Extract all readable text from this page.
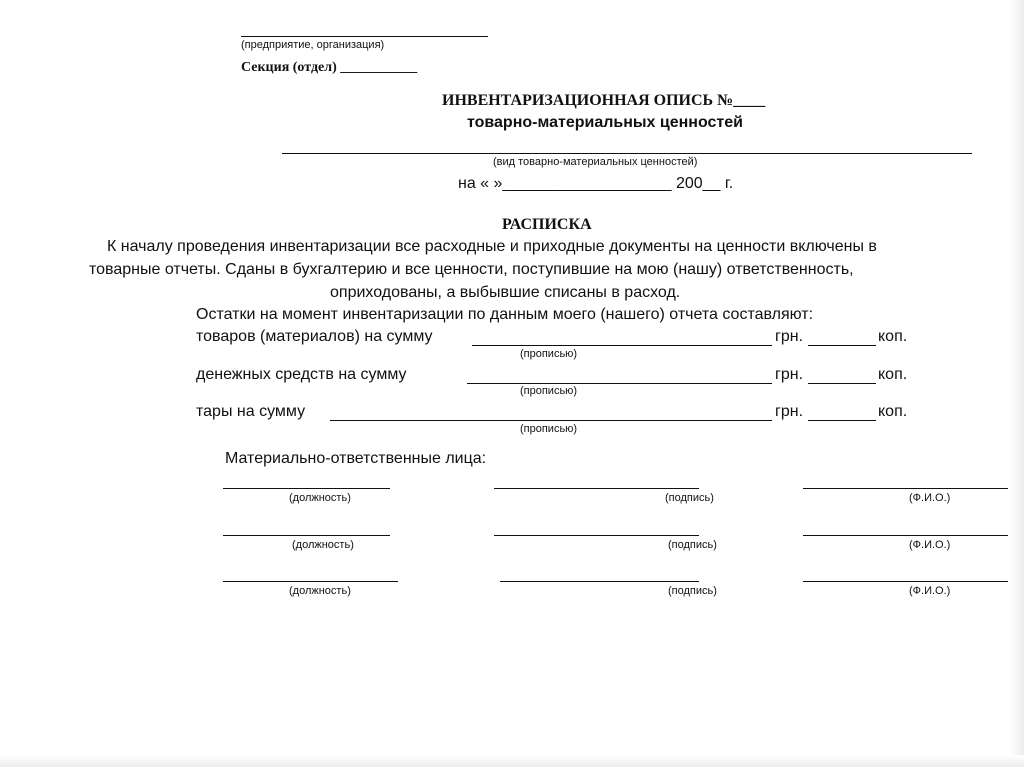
(предприятие, организация)
Секция (отдел) ___________
ИНВЕНТАРИЗАЦИОННАЯ ОПИСЬ №____
товарно-материальных ценностей
(вид товарно-материальных ценностей)
на « »___________________ 200__ г.
РАСПИСКА
К началу проведения инвентаризации все расходные и приходные документы на ценности включены в
товарные отчеты. Сданы в бухгалтерию и все ценности, поступившие на мою (нашу) ответственность,
оприходованы, а выбывшие списаны в расход.
Остатки на момент инвентаризации по данным моего (нашего) отчета составляют:
товаров (материалов) на сумму	грн.	коп.
(прописью)
денежных средств на сумму	грн.	коп.
(прописью)
тары на сумму	грн.	коп.
(прописью)
Материально-ответственные лица:
(должность)	(подпись)	(Ф.И.О.)
(должность)	(подпись)	(Ф.И.О.)
(должность)	(подпись)	(Ф.И.О.)
